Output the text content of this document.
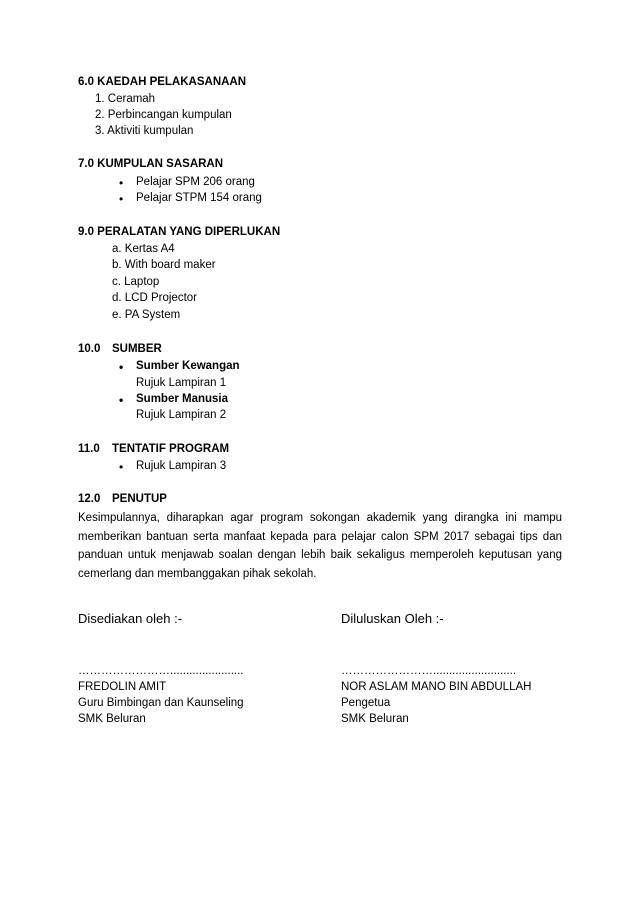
6.0 KAEDAH PELAKASANAAN
1. Ceramah
2. Perbincangan kumpulan
3. Aktiviti kumpulan
7.0 KUMPULAN SASARAN
• Pelajar SPM 206 orang
• Pelajar STPM 154 orang
9.0 PERALATAN YANG DIPERLUKAN
a. Kertas A4
b. With board maker
c. Laptop
d. LCD Projector
e. PA System
10.0 SUMBER
• Sumber Kewangan
Rujuk Lampiran 1
• Sumber Manusia
Rujuk Lampiran 2
11.0 TENTATIF PROGRAM
• Rujuk Lampiran 3
12.0 PENUTUP
Kesimpulannya, diharapkan agar program sokongan akademik yang dirangka ini mampu memberikan bantuan serta manfaat kepada para pelajar calon SPM 2017 sebagai tips dan panduan untuk menjawab soalan dengan lebih baik sekaligus memperoleh keputusan yang cemerlang dan membanggakan pihak sekolah.
Disediakan oleh :-	Diluluskan Oleh :-
…………………….......................	……………………..........................
FREDOLIN AMIT
Guru Bimbingan dan Kaunseling
SMK Beluran
NOR ASLAM MANO BIN ABDULLAH
Pengetua
SMK Beluran
